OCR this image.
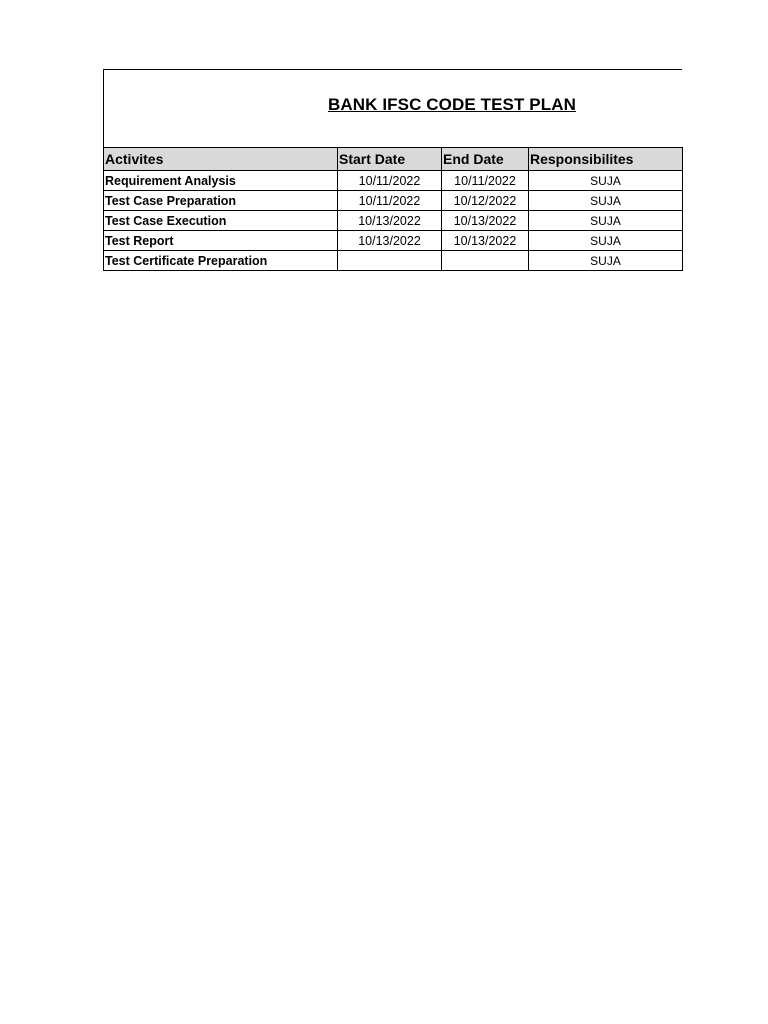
BANK IFSC CODE TEST PLAN
Activites	Start Date	End Date	Responsibilites
Requirement Analysis	10/11/2022	10/11/2022	SUJA
Test Case Preparation	10/11/2022	10/12/2022	SUJA
Test Case Execution	10/13/2022	10/13/2022	SUJA
Test Report	10/13/2022	10/13/2022	SUJA
Test Certificate Preparation			SUJA
